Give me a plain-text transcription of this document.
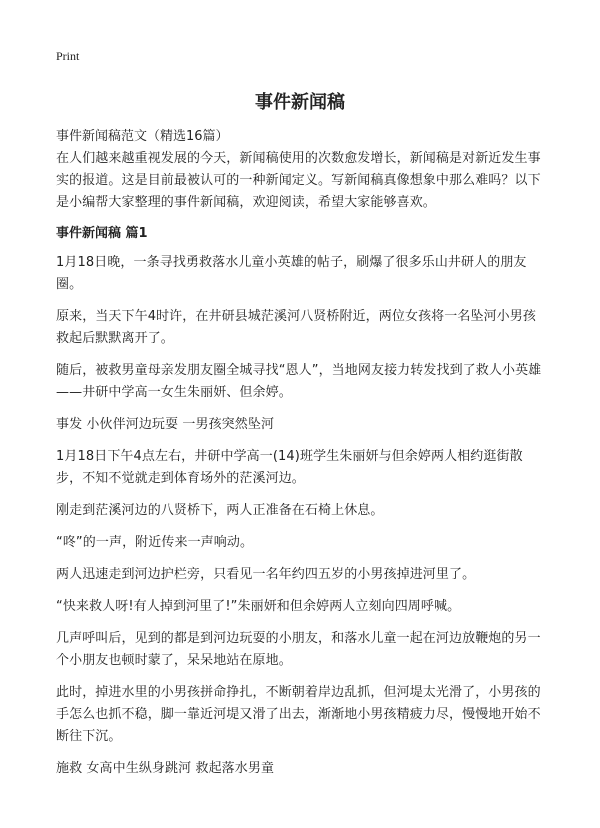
Print
事件新闻稿
事件新闻稿范文（精选16篇）

在人们越来越重视发展的今天，新闻稿使用的次数愈发增长，新闻稿是对新近发生事实的报道。这是目前最被认可的一种新闻定义。写新闻稿真像想象中那么难吗？以下是小编帮大家整理的事件新闻稿，欢迎阅读，希望大家能够喜欢。

事件新闻稿 篇1

1月18日晚，一条寻找勇救落水儿童小英雄的帖子，刷爆了很多乐山井研人的朋友圈。

原来，当天下午4时许，在井研县城茫溪河八贤桥附近，两位女孩将一名坠河小男孩救起后默默离开了。

随后，被救男童母亲发朋友圈全城寻找“恩人”，当地网友接力转发找到了救人小英雄——井研中学高一女生朱丽妍、但余婷。

事发 小伙伴河边玩耍 一男孩突然坠河

1月18日下午4点左右，井研中学高一(14)班学生朱丽妍与但余婷两人相约逛街散步，不知不觉就走到体育场外的茫溪河边。

刚走到茫溪河边的八贤桥下，两人正准备在石椅上休息。

“咚”的一声，附近传来一声响动。

两人迅速走到河边护栏旁，只看见一名年约四五岁的小男孩掉进河里了。

“快来救人呀!有人掉到河里了!”朱丽妍和但余婷两人立刻向四周呼喊。

几声呼叫后，见到的都是到河边玩耍的小朋友，和落水儿童一起在河边放鞭炮的另一个小朋友也顿时蒙了，呆呆地站在原地。

此时，掉进水里的小男孩拼命挣扎，不断朝着岸边乱抓，但河堤太光滑了，小男孩的手怎么也抓不稳，脚一靠近河堤又滑了出去，渐渐地小男孩精疲力尽，慢慢地开始不断往下沉。

施救 女高中生纵身跳河 救起落水男童
